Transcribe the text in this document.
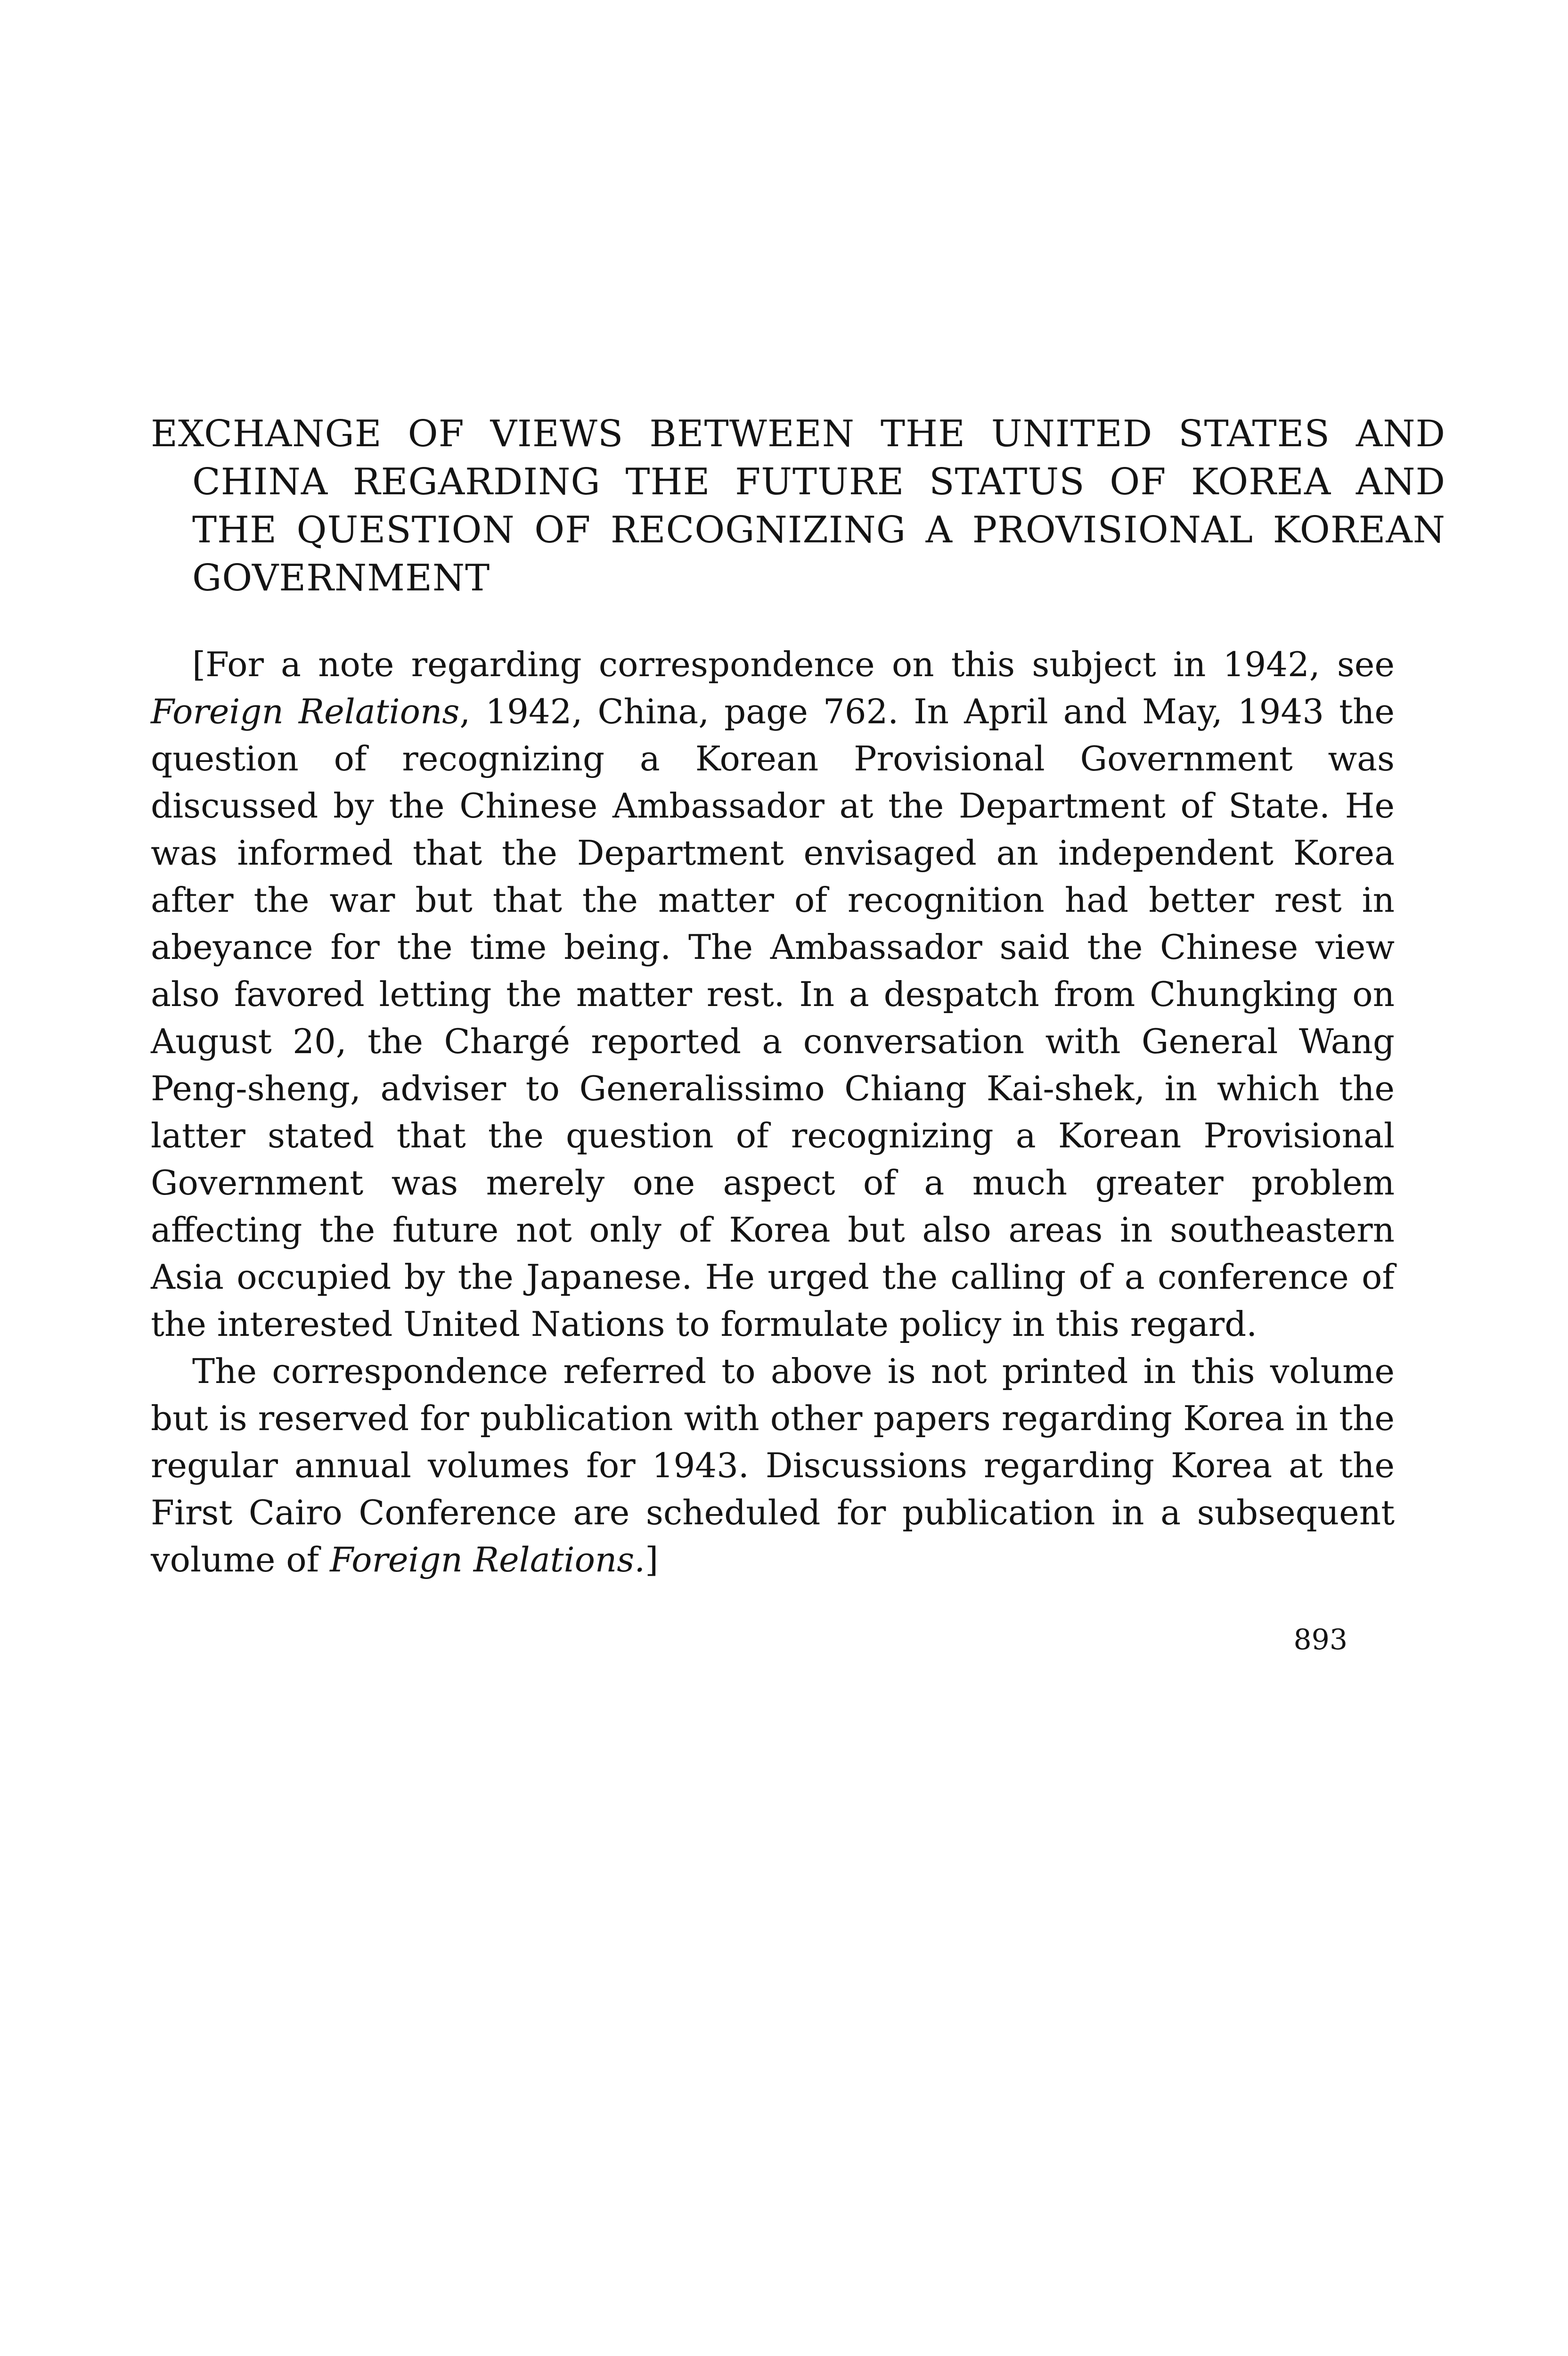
EXCHANGE OF VIEWS BETWEEN THE UNITED STATES AND CHINA REGARDING THE FUTURE STATUS OF KOREA AND THE QUESTION OF RECOGNIZING A PROVISIONAL KOREAN GOVERNMENT

[For a note regarding correspondence on this subject in 1942, see Foreign Relations, 1942, China, page 762. In April and May, 1943 the question of recognizing a Korean Provisional Government was discussed by the Chinese Ambassador at the Department of State. He was informed that the Department envisaged an independent Korea after the war but that the matter of recognition had better rest in abeyance for the time being. The Ambassador said the Chinese view also favored letting the matter rest. In a despatch from Chungking on August 20, the Chargé reported a conversation with General Wang Peng-sheng, adviser to Generalissimo Chiang Kai-shek, in which the latter stated that the question of recognizing a Korean Provisional Government was merely one aspect of a much greater problem affecting the future not only of Korea but also areas in southeastern Asia occupied by the Japanese. He urged the calling of a conference of the interested United Nations to formulate policy in this regard.

The correspondence referred to above is not printed in this volume but is reserved for publication with other papers regarding Korea in the regular annual volumes for 1943. Discussions regarding Korea at the First Cairo Conference are scheduled for publication in a subsequent volume of Foreign Relations.]

893
